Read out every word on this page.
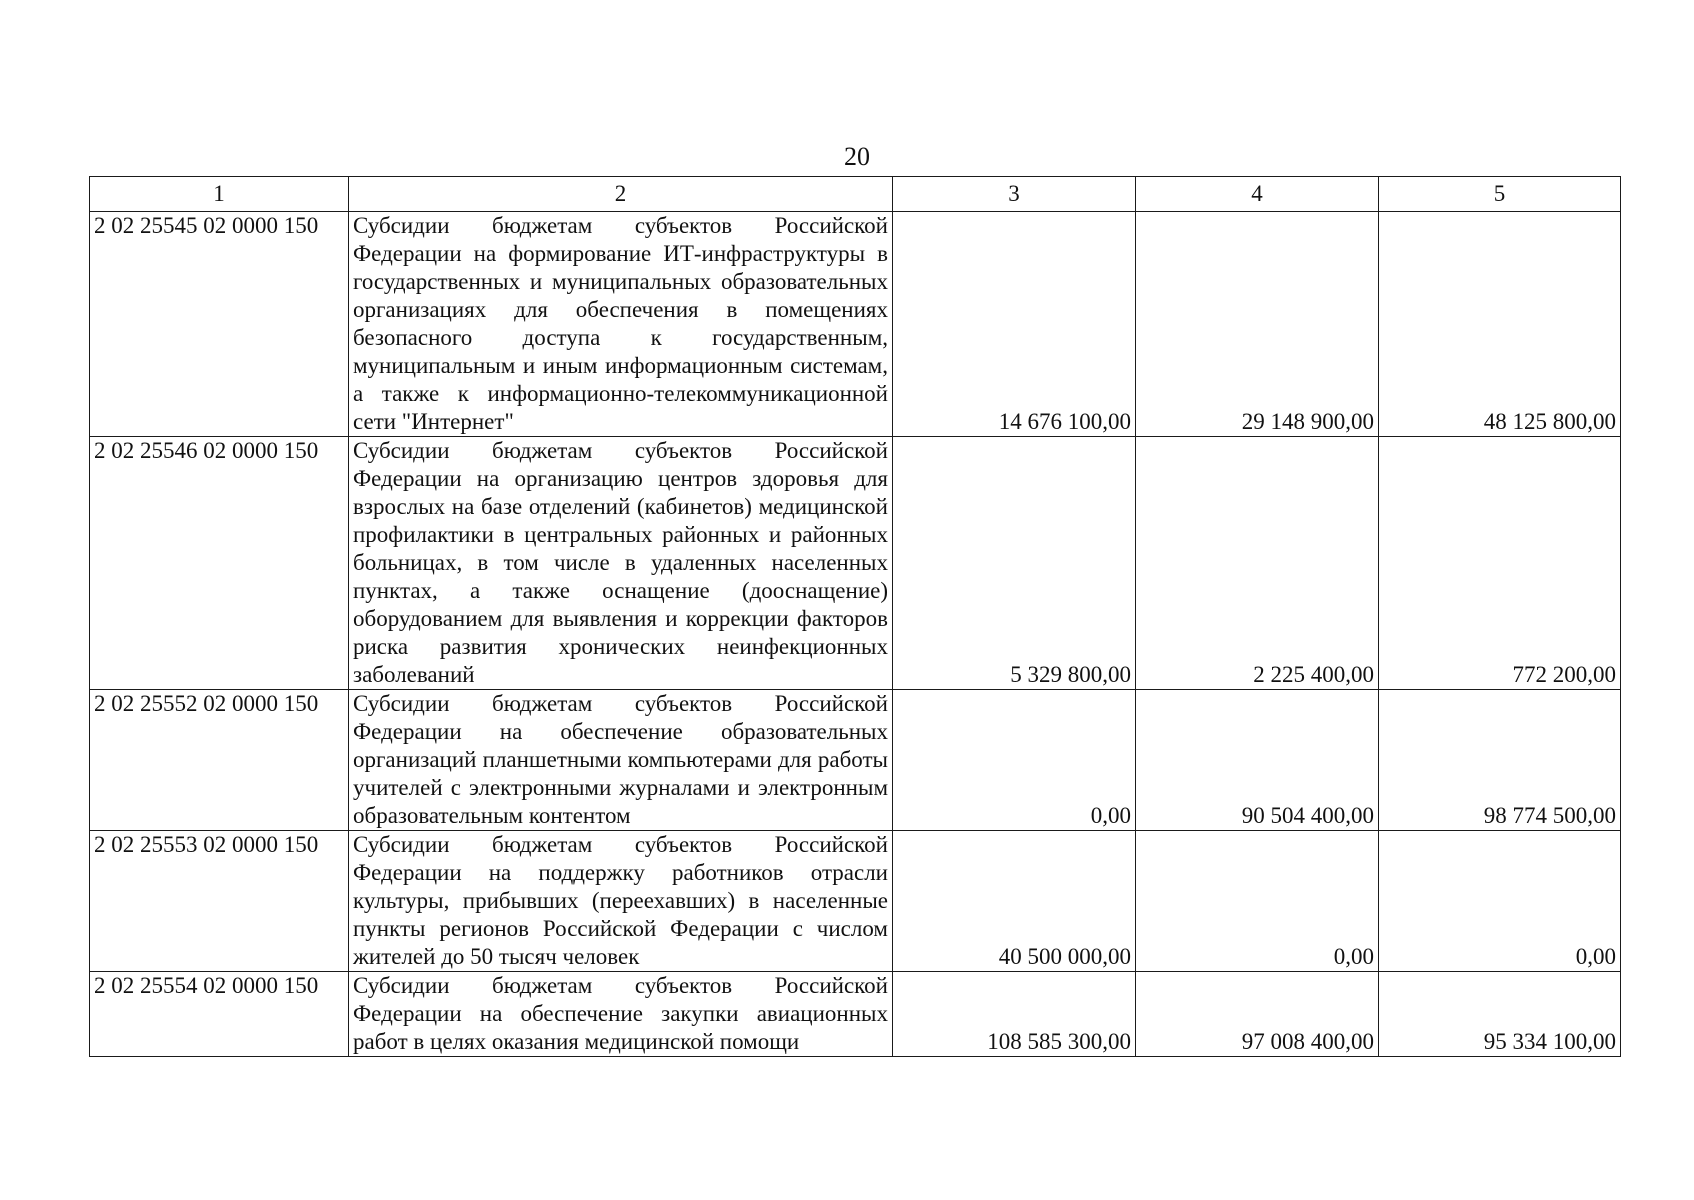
20
1	2	3	4	5
2 02 25545 02 0000 150	Субсидии бюджетам субъектов Российской Федерации на формирование ИТ-инфраструктуры в государственных и муниципальных образовательных организациях для обеспечения в помещениях безопасного доступа к государственным, муниципальным и иным информационным системам, а также к информационно-телекоммуникационной сети "Интернет"	14 676 100,00	29 148 900,00	48 125 800,00
2 02 25546 02 0000 150	Субсидии бюджетам субъектов Российской Федерации на организацию центров здоровья для взрослых на базе отделений (кабинетов) медицинской профилактики в центральных районных и районных больницах, в том числе в удаленных населенных пунктах, а также оснащение (дооснащение) оборудованием для выявления и коррекции факторов риска развития хронических неинфекционных заболеваний	5 329 800,00	2 225 400,00	772 200,00
2 02 25552 02 0000 150	Субсидии бюджетам субъектов Российской Федерации на обеспечение образовательных организаций планшетными компьютерами для работы учителей с электронными журналами и электронным образовательным контентом	0,00	90 504 400,00	98 774 500,00
2 02 25553 02 0000 150	Субсидии бюджетам субъектов Российской Федерации на поддержку работников отрасли культуры, прибывших (переехавших) в населенные пункты регионов Российской Федерации с числом жителей до 50 тысяч человек	40 500 000,00	0,00	0,00
2 02 25554 02 0000 150	Субсидии бюджетам субъектов Российской Федерации на обеспечение закупки авиационных работ в целях оказания медицинской помощи	108 585 300,00	97 008 400,00	95 334 100,00
